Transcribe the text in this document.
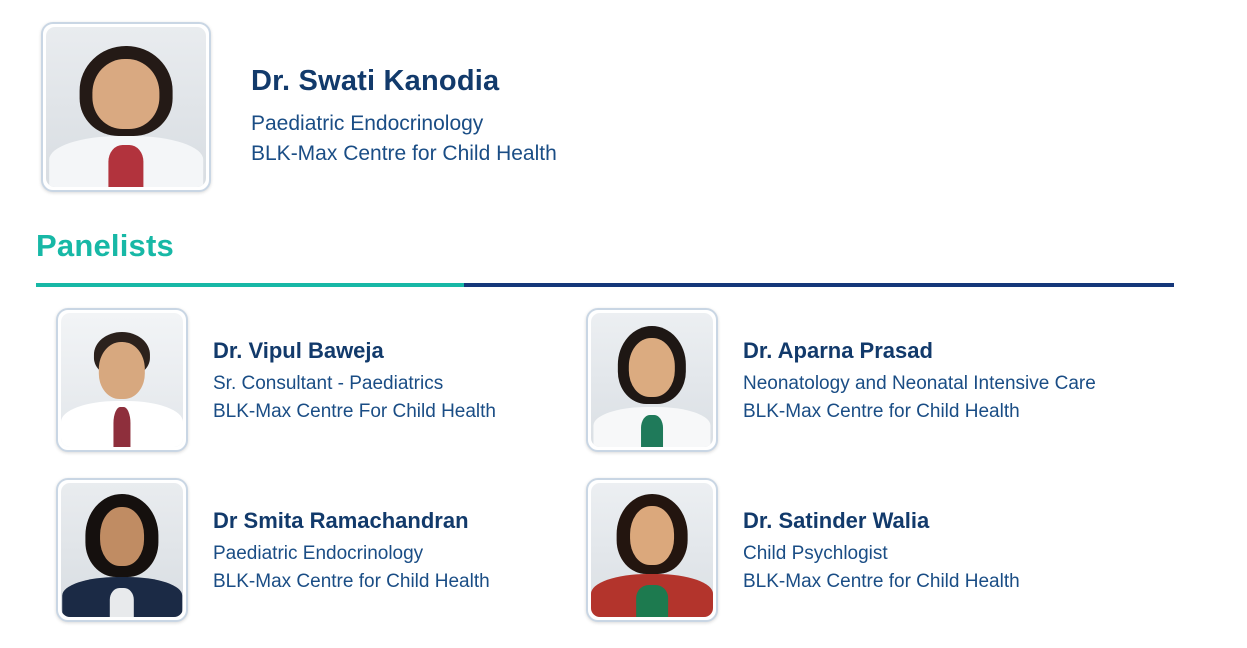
Dr. Swati Kanodia
Paediatric Endocrinology
BLK-Max Centre for Child Health
Panelists
Dr. Vipul Baweja
Sr. Consultant - Paediatrics
BLK-Max Centre For Child Health
Dr. Aparna Prasad
Neonatology and Neonatal Intensive Care
BLK-Max Centre for Child Health
Dr Smita Ramachandran
Paediatric Endocrinology
BLK-Max Centre for Child Health
Dr. Satinder Walia
Child Psychlogist
BLK-Max Centre for Child Health
